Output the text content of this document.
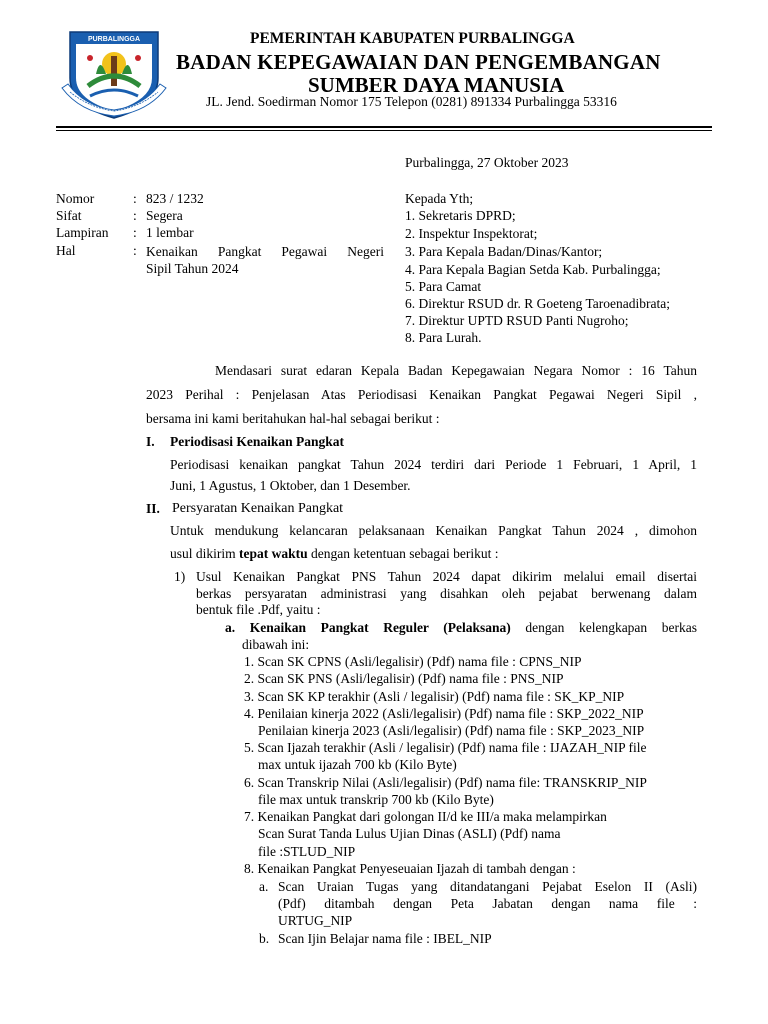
PURBALINGGA	PEMERINTAH KABUPATEN PURBALINGGA
BADAN KEPEGAWAIAN DAN PENGEMBANGAN
SUMBER DAYA MANUSIA
JL. Jend. Soedirman Nomor 175 Telepon (0281) 891334 Purbalingga 53316
Purbalingga, 27 Oktober 2023
Nomor	: 823 / 1232
Sifat	: Segera
Lampiran : 1 lembar
Hal	: Kenaikan Pangkat Pegawai Negeri
Sipil Tahun 2024
Kepada Yth;
1. Sekretaris DPRD;
2. Inspektur Inspektorat;
3. Para Kepala Badan/Dinas/Kantor;
4. Para Kepala Bagian Setda Kab. Purbalingga;
5. Para Camat
6. Direktur RSUD dr. R Goeteng Taroenadibrata;
7. Direktur UPTD RSUD Panti Nugroho;
8. Para Lurah.
Mendasari surat edaran Kepala Badan Kepegawaian Negara Nomor : 16 Tahun
2023 Perihal : Penjelasan Atas Periodisasi Kenaikan Pangkat Pegawai Negeri Sipil ,
bersama ini kami beritahukan hal-hal sebagai berikut :
I. Periodisasi Kenaikan Pangkat
Periodisasi kenaikan pangkat Tahun 2024 terdiri dari Periode 1 Februari, 1 April, 1
Juni, 1 Agustus, 1 Oktober, dan 1 Desember.
II. Persyaratan Kenaikan Pangkat
Untuk mendukung kelancaran pelaksanaan Kenaikan Pangkat Tahun 2024 , dimohon
usul dikirim tepat waktu dengan ketentuan sebagai berikut :
1) Usul Kenaikan Pangkat PNS Tahun 2024 dapat dikirim melalui email disertai
berkas persyaratan administrasi yang disahkan oleh pejabat berwenang dalam
bentuk file .Pdf, yaitu :
a. Kenaikan Pangkat Reguler (Pelaksana) dengan kelengkapan berkas
dibawah ini:
1. Scan SK CPNS (Asli/legalisir) (Pdf) nama file : CPNS_NIP
2. Scan SK PNS (Asli/legalisir) (Pdf) nama file : PNS_NIP
3. Scan SK KP terakhir (Asli / legalisir) (Pdf) nama file : SK_KP_NIP
4. Penilaian kinerja 2022 (Asli/legalisir) (Pdf) nama file : SKP_2022_NIP
Penilaian kinerja 2023 (Asli/legalisir) (Pdf) nama file : SKP_2023_NIP
5. Scan Ijazah terakhir (Asli / legalisir) (Pdf) nama file : IJAZAH_NIP file
max untuk ijazah 700 kb (Kilo Byte)
6. Scan Transkrip Nilai (Asli/legalisir) (Pdf) nama file: TRANSKRIP_NIP
file max untuk transkrip 700 kb (Kilo Byte)
7. Kenaikan Pangkat dari golongan II/d ke III/a maka melampirkan
Scan Surat Tanda Lulus Ujian Dinas (ASLI) (Pdf) nama
file :STLUD_NIP
8. Kenaikan Pangkat Penyeseuaian Ijazah di tambah dengan :
a. Scan Uraian Tugas yang ditandatangani Pejabat Eselon II (Asli)
(Pdf) ditambah dengan Peta Jabatan dengan nama file :
URTUG_NIP
b. Scan Ijin Belajar nama file : IBEL_NIP
